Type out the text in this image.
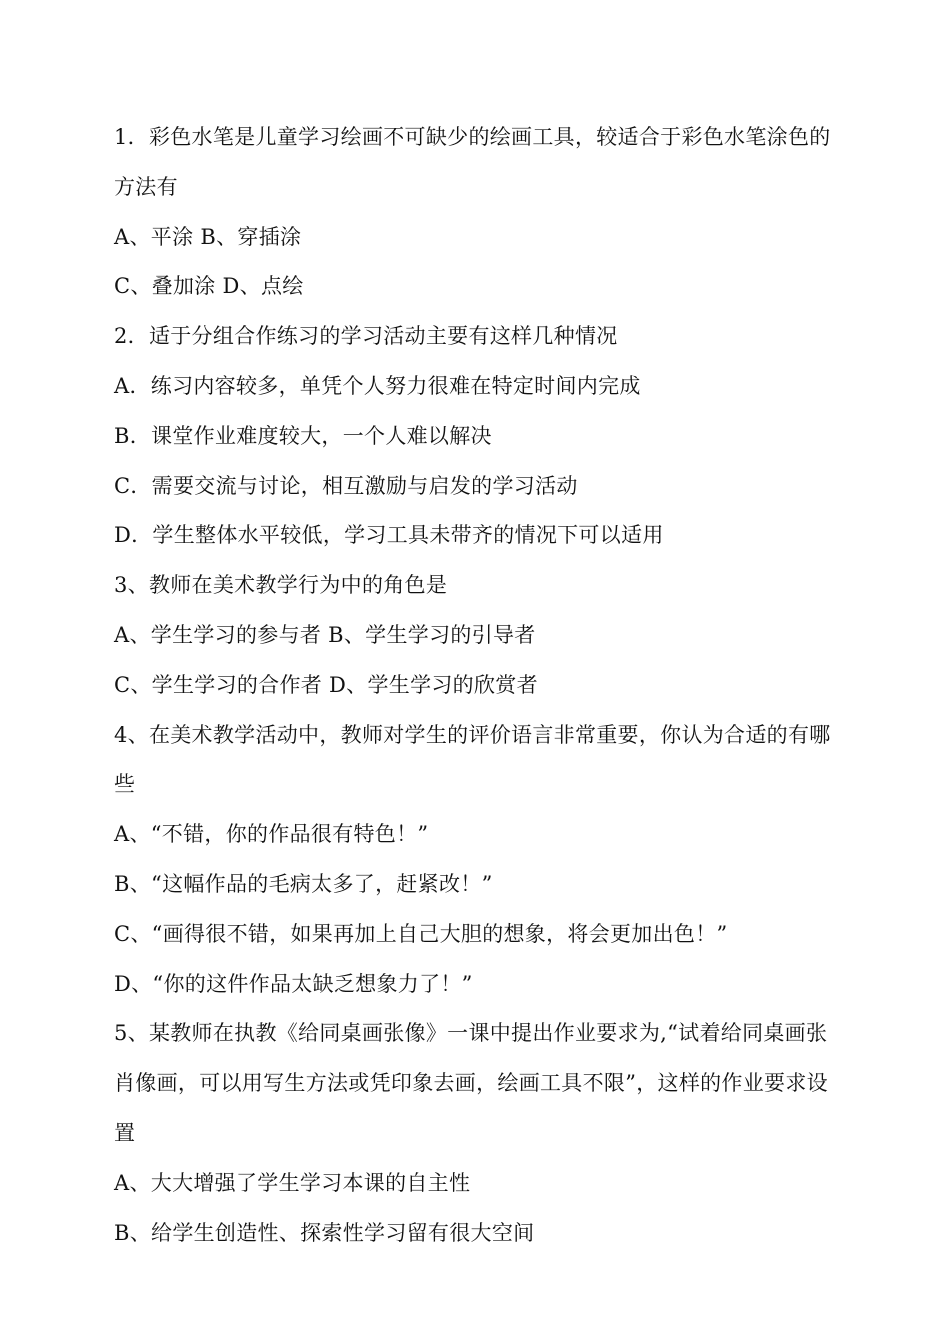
1．彩色水笔是儿童学习绘画不可缺少的绘画工具，较适合于彩色水笔涂色的
方法有
A、平涂 B、穿插涂
C、叠加涂 D、点绘
2．适于分组合作练习的学习活动主要有这样几种情况
A．练习内容较多，单凭个人努力很难在特定时间内完成
B．课堂作业难度较大，一个人难以解决
C．需要交流与讨论，相互激励与启发的学习活动
D．学生整体水平较低，学习工具未带齐的情况下可以适用
3、教师在美术教学行为中的角色是
A、学生学习的参与者 B、学生学习的引导者
C、学生学习的合作者 D、学生学习的欣赏者
4、在美术教学活动中，教师对学生的评价语言非常重要，你认为合适的有哪
些
A、“不错，你的作品很有特色！”
B、“这幅作品的毛病太多了，赶紧改！”
C、“画得很不错，如果再加上自己大胆的想象，将会更加出色！”
D、“你的这件作品太缺乏想象力了！”
5、某教师在执教《给同桌画张像》一课中提出作业要求为,“试着给同桌画张
肖像画，可以用写生方法或凭印象去画，绘画工具不限”，这样的作业要求设
置
A、大大增强了学生学习本课的自主性
B、给学生创造性、探索性学习留有很大空间
